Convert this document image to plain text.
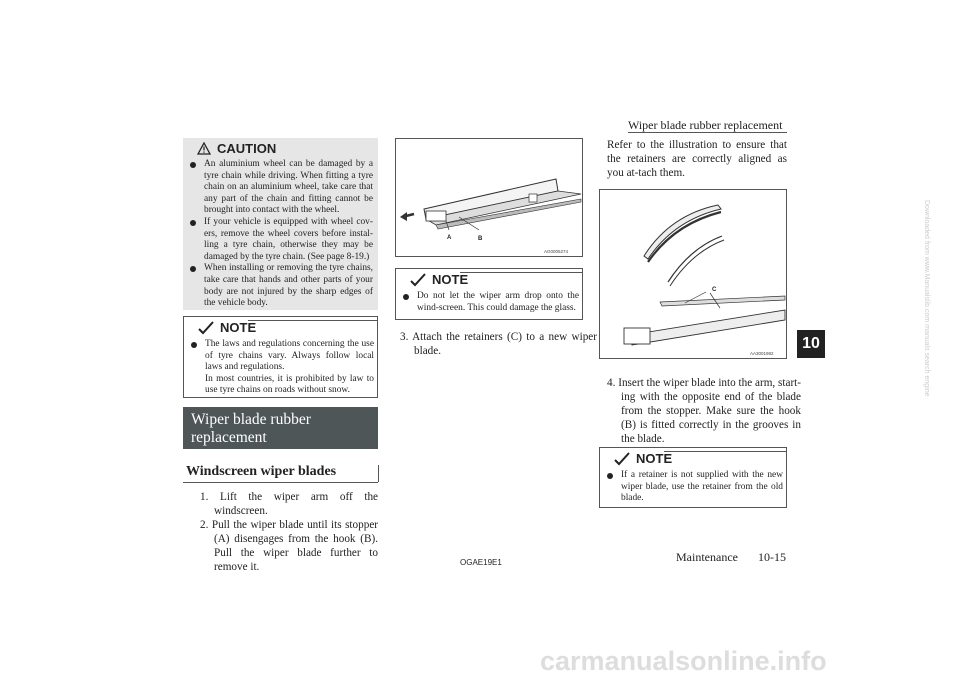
Wiper blade rubber replacement
10	Downloaded from www.Manualslib.com manuals search engine
CAUTION
An aluminium wheel can be damaged by a tyre chain while driving. When fitting a tyre chain on an aluminium wheel, take care that any part of the chain and fitting cannot be brought into contact with the wheel.
If your vehicle is equipped with wheel cov-ers, remove the wheel covers before instal-ling a tyre chain, otherwise they may be damaged by the tyre chain. (See page 8-19.)
When installing or removing the tyre chains, take care that hands and other parts of your body are not injured by the sharp edges of the vehicle body.
NOTE
The laws and regulations concerning the use of tyre chains vary. Always follow local laws and regulations.
In most countries, it is prohibited by law to use tyre chains on roads without snow.
Wiper blade rubber
replacement
Windscreen wiper blades
1. Lift the wiper arm off the windscreen.
2. Pull the wiper blade until its stopper (A) disengages from the hook (B). Pull the wiper blade further to remove it.
A	B
AG0005274
NOTE
Do not let the wiper arm drop onto the wind-screen. This could damage the glass.
3. Attach the retainers (C) to a new wiper blade.
Refer to the illustration to ensure that the retainers are correctly aligned as you at-tach them.
C
AA3001982
4. Insert the wiper blade into the arm, start-ing with the opposite end of the blade from the stopper. Make sure the hook (B) is fitted correctly in the grooves in the blade.
NOTE
If a retainer is not supplied with the new wiper blade, use the retainer from the old blade.
OGAE19E1	Maintenance 10-15
carmanualsonline.info
